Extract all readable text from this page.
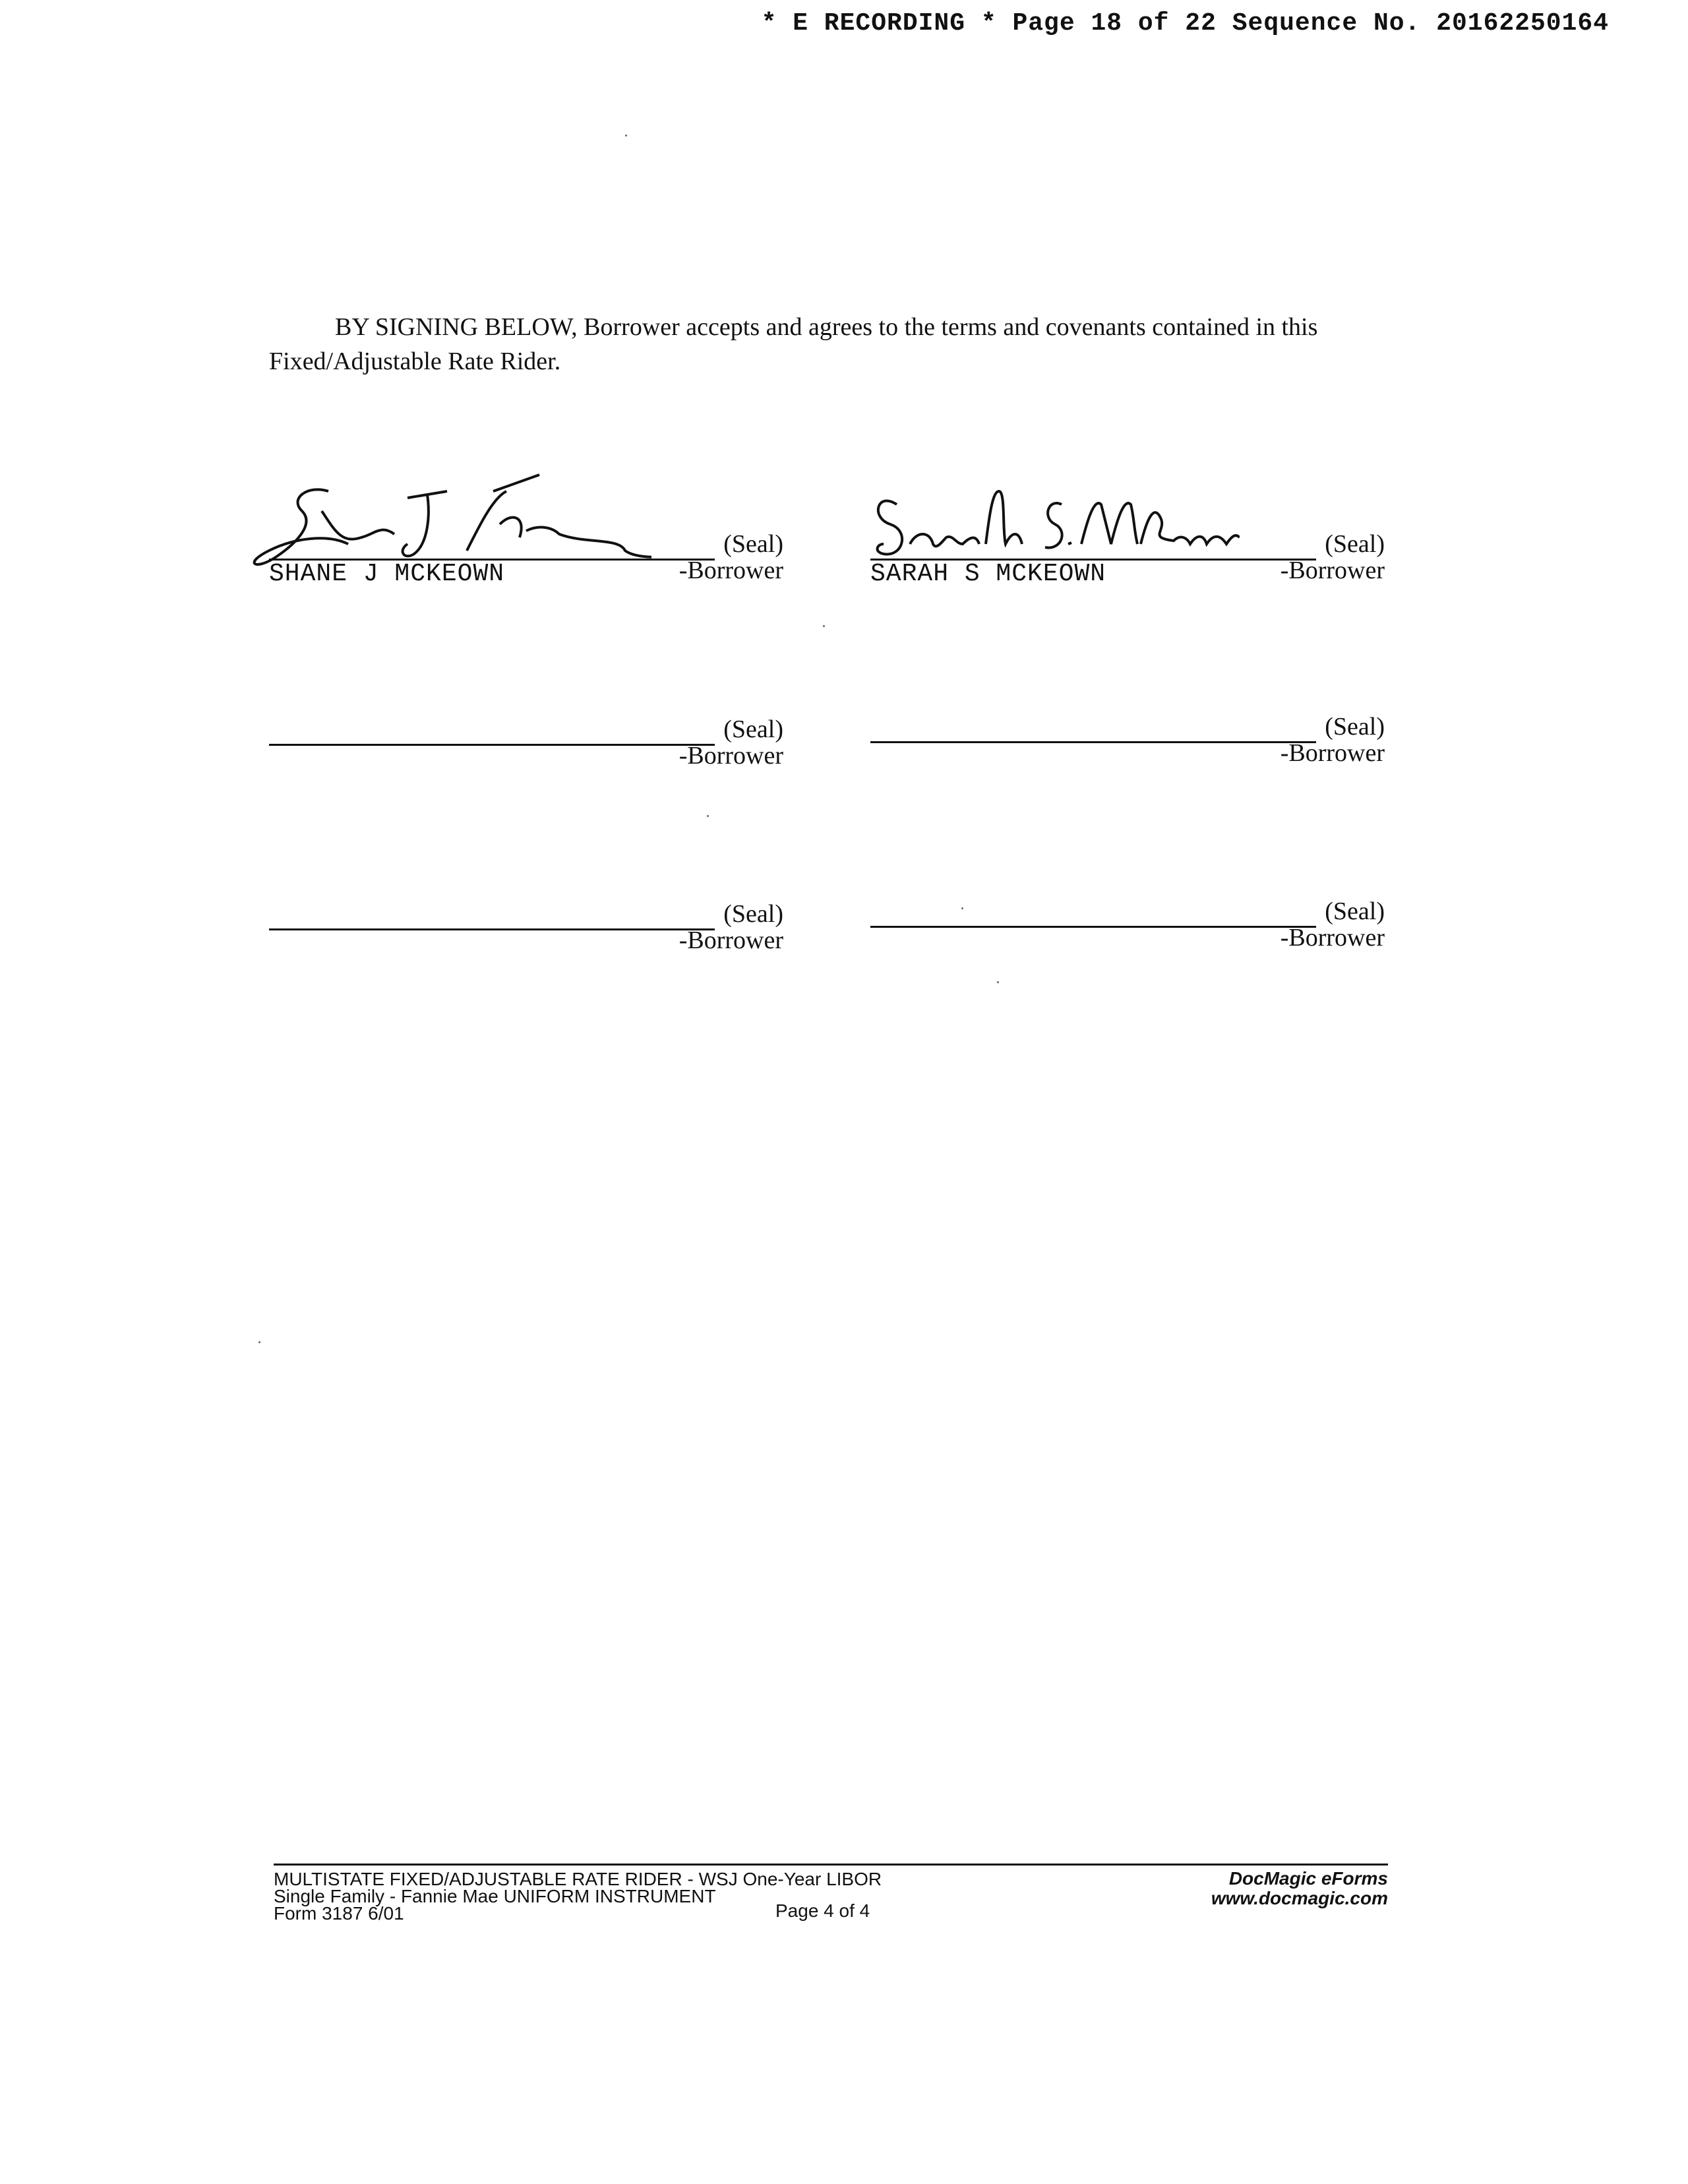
* E RECORDING * Page 18 of 22 Sequence No. 20162250164
BY SIGNING BELOW, Borrower accepts and agrees to the terms and covenants contained in this Fixed/Adjustable Rate Rider.
(Seal)
-Borrower
SHANE J MCKEOWN
(Seal)
-Borrower
SARAH S MCKEOWN
(Seal)
-Borrower
(Seal)
-Borrower
(Seal)
-Borrower
(Seal)
-Borrower
MULTISTATE FIXED/ADJUSTABLE RATE RIDER - WSJ One-Year LIBOR
Single Family - Fannie Mae UNIFORM INSTRUMENT
Form 3187 6/01	Page 4 of 4
DocMagic eForms
www.docmagic.com
